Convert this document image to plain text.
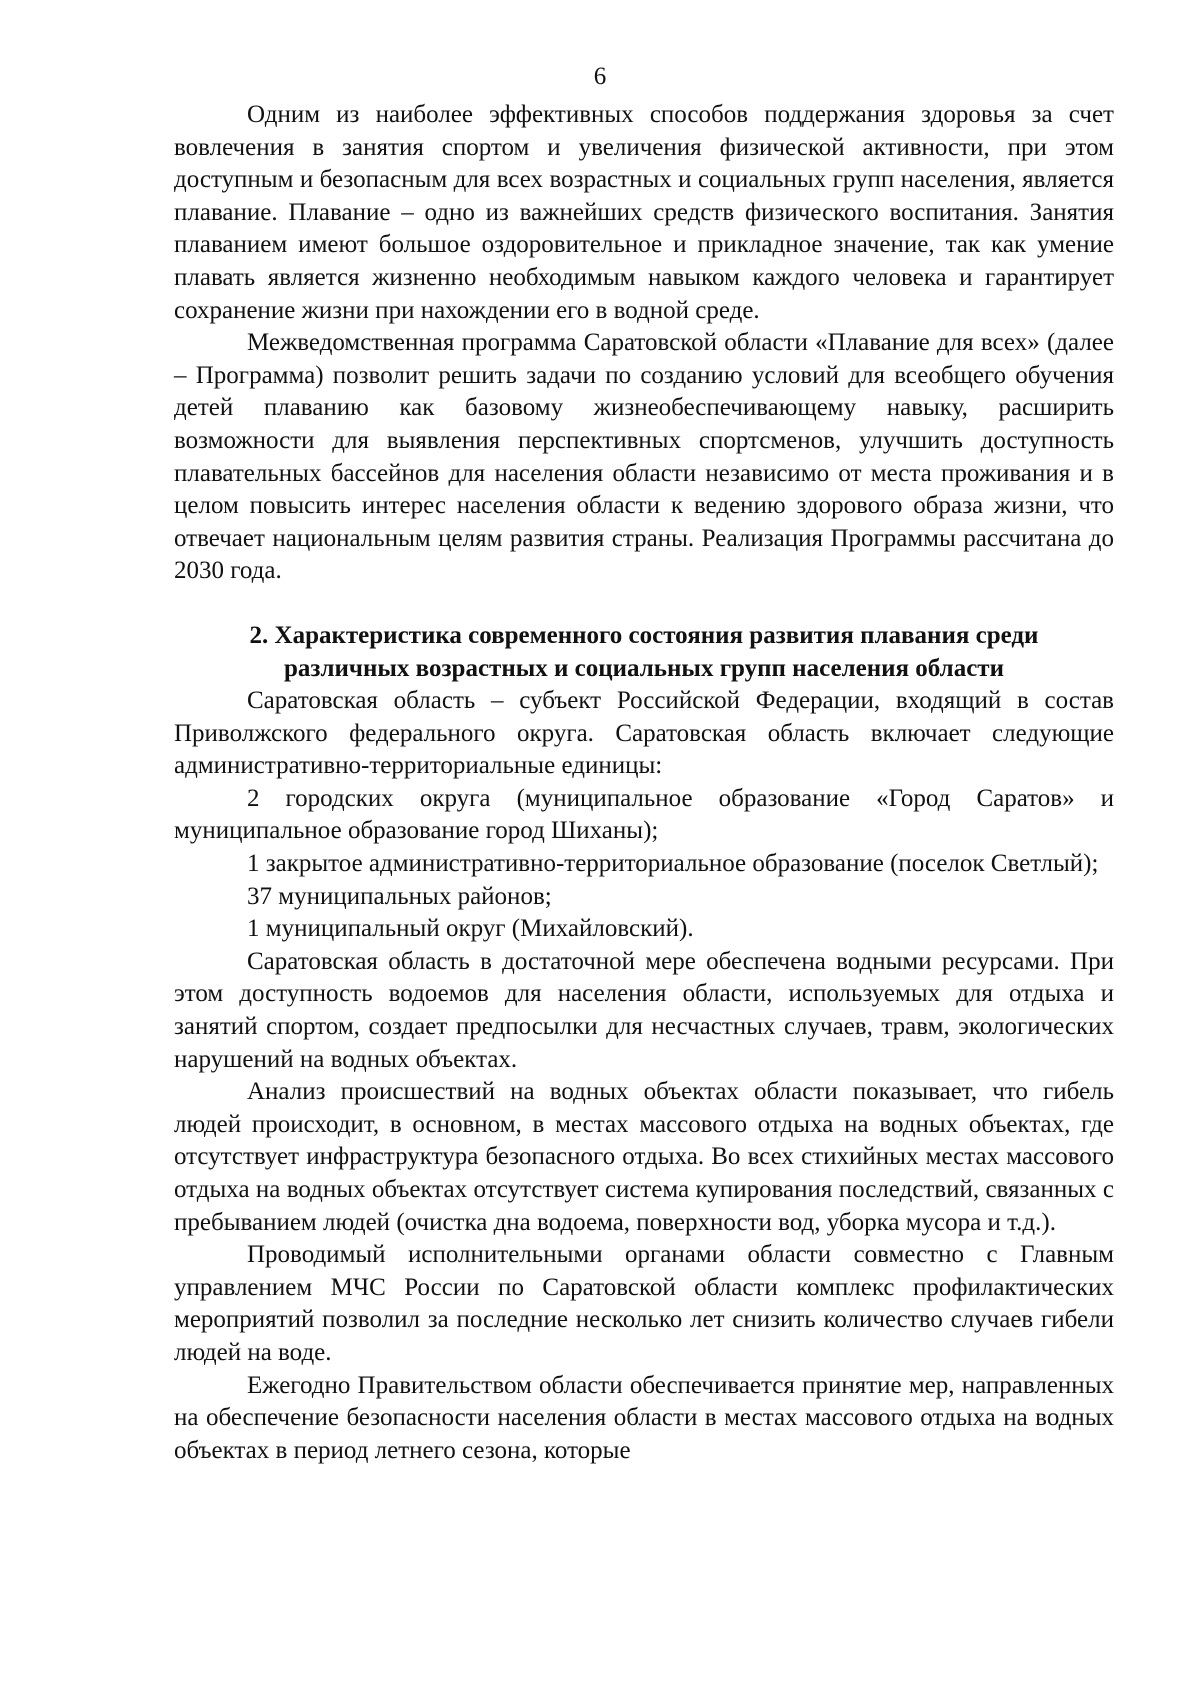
6

Одним из наиболее эффективных способов поддержания здоровья за счет вовлечения в занятия спортом и увеличения физической активности, при этом доступным и безопасным для всех возрастных и социальных групп населения, является плавание. Плавание – одно из важнейших средств физического воспитания. Занятия плаванием имеют большое оздоровительное и прикладное значение, так как умение плавать является жизненно необходимым навыком каждого человека и гарантирует сохранение жизни при нахождении его в водной среде.

Межведомственная программа Саратовской области «Плавание для всех» (далее – Программа) позволит решить задачи по созданию условий для всеобщего обучения детей плаванию как базовому жизнеобеспечивающему навыку, расширить возможности для выявления перспективных спортсменов, улучшить доступность плавательных бассейнов для населения области независимо от места проживания и в целом повысить интерес населения области к ведению здорового образа жизни, что отвечает национальным целям развития страны. Реализация Программы рассчитана до 2030 года.

2. Характеристика современного состояния развития плавания среди
различных возрастных и социальных групп населения области

Саратовская область – субъект Российской Федерации, входящий в состав Приволжского федерального округа. Саратовская область включает следующие административно-территориальные единицы:

2 городских округа (муниципальное образование «Город Саратов» и муниципальное образование город Шиханы);

1 закрытое административно-территориальное образование (поселок Светлый);

37 муниципальных районов;

1 муниципальный округ (Михайловский).

Саратовская область в достаточной мере обеспечена водными ресурсами. При этом доступность водоемов для населения области, используемых для отдыха и занятий спортом, создает предпосылки для несчастных случаев, травм, экологических нарушений на водных объектах.

Анализ происшествий на водных объектах области показывает, что гибель людей происходит, в основном, в местах массового отдыха на водных объектах, где отсутствует инфраструктура безопасного отдыха. Во всех стихийных местах массового отдыха на водных объектах отсутствует система купирования последствий, связанных с пребыванием людей (очистка дна водоема, поверхности вод, уборка мусора и т.д.).

Проводимый исполнительными органами области совместно с Главным управлением МЧС России по Саратовской области комплекс профилактических мероприятий позволил за последние несколько лет снизить количество случаев гибели людей на воде.

Ежегодно Правительством области обеспечивается принятие мер, направленных на обеспечение безопасности населения области в местах массового отдыха на водных объектах в период летнего сезона, которые
